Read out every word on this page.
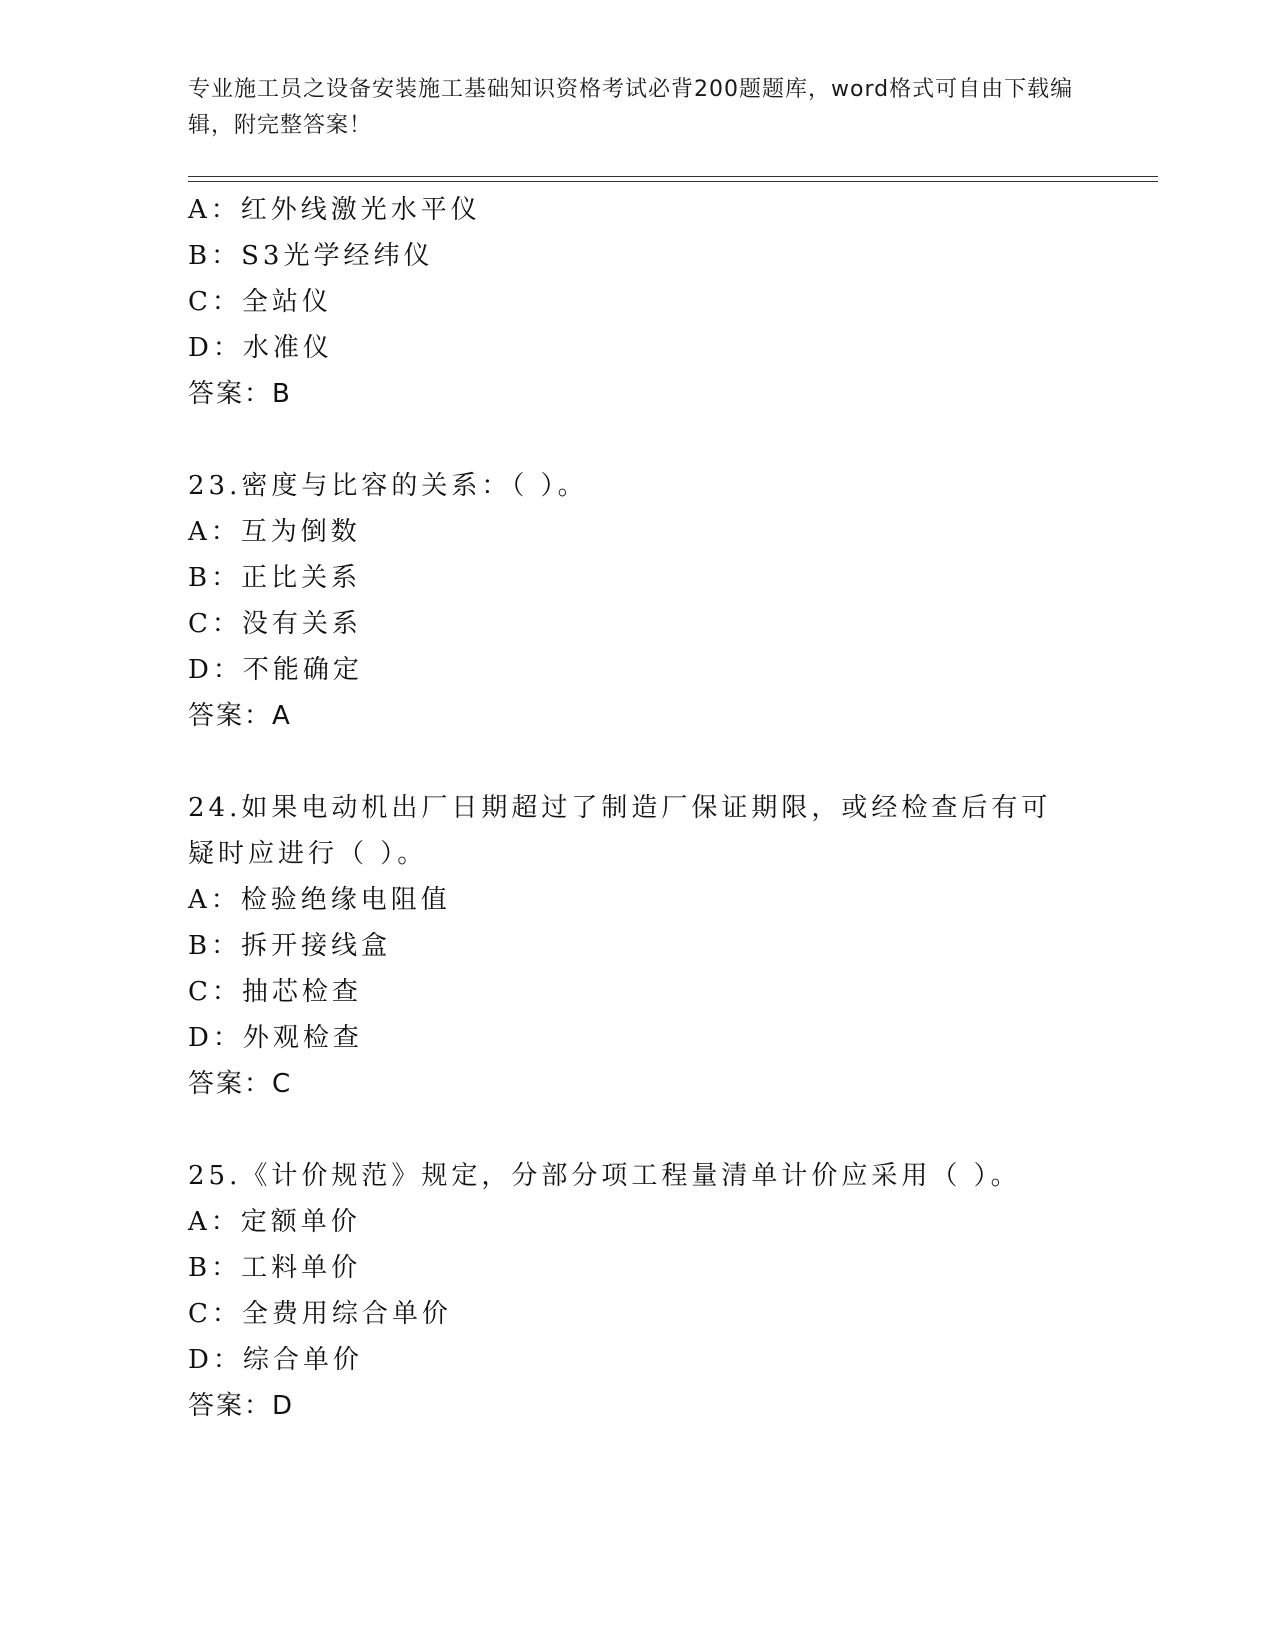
专业施工员之设备安装施工基础知识资格考试必背200题题库，word格式可自由下载编辑，附完整答案！
A：红外线激光水平仪
B：S3光学经纬仪
C：全站仪
D：水准仪
答案：B
23.密度与比容的关系：（ ）。
A：互为倒数
B：正比关系
C：没有关系
D：不能确定
答案：A
24.如果电动机出厂日期超过了制造厂保证期限，或经检查后有可疑时应进行（ ）。
A：检验绝缘电阻值
B：拆开接线盒
C：抽芯检查
D：外观检查
答案：C
25.《计价规范》规定，分部分项工程量清单计价应采用（ ）。
A：定额单价
B：工料单价
C：全费用综合单价
D：综合单价
答案：D
